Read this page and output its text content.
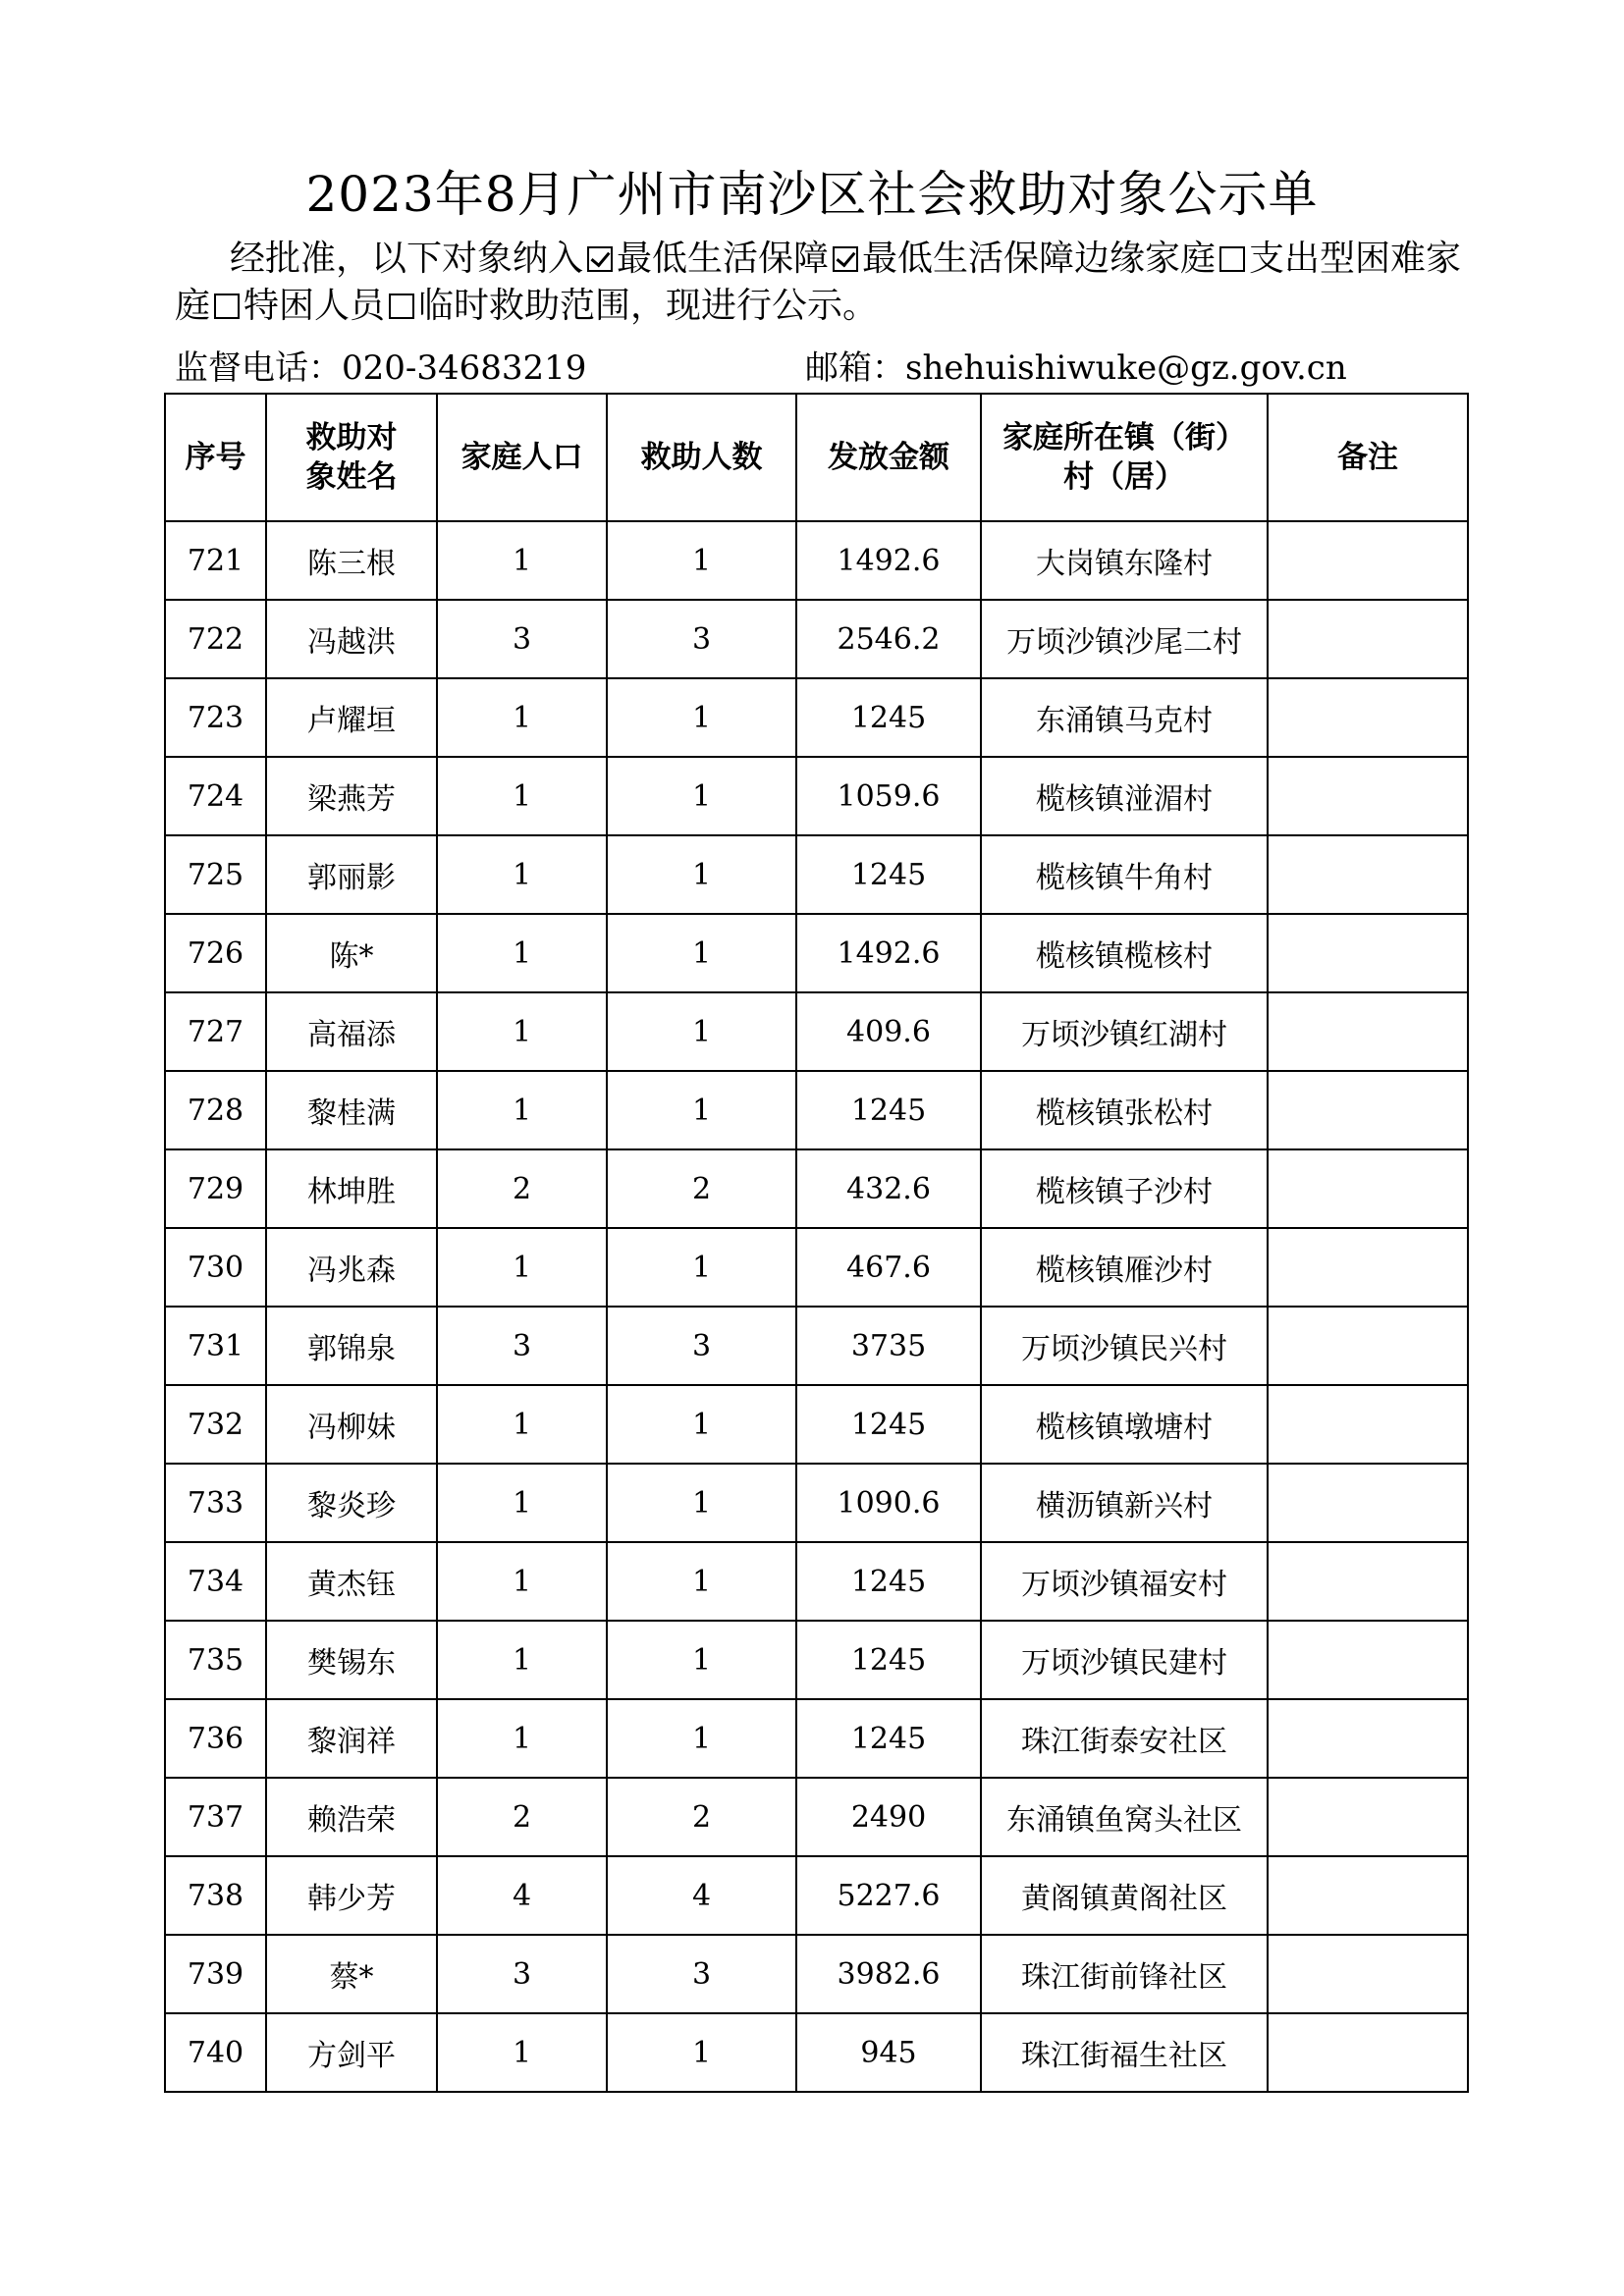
2023年8月广州市南沙区社会救助对象公示单
经批准，以下对象纳入 最低生活保障 最低生活保障边缘家庭 支出型困难家庭 特困人员 临时救助范围，现进行公示。
监督电话：020-34683219	邮箱：shehuishiwuke@gz.gov.cn
序号	救助对象姓名	家庭人口	救助人数	发放金额	家庭所在镇（街）村（居）	备注
721	陈三根	1	1	1492.6	大岗镇东隆村	
722	冯越洪	3	3	2546.2	万顷沙镇沙尾二村	
723	卢耀垣	1	1	1245	东涌镇马克村	
724	梁燕芳	1	1	1059.6	榄核镇湴湄村	
725	郭丽影	1	1	1245	榄核镇牛角村	
726	陈*	1	1	1492.6	榄核镇榄核村	
727	高福添	1	1	409.6	万顷沙镇红湖村	
728	黎桂满	1	1	1245	榄核镇张松村	
729	林坤胜	2	2	432.6	榄核镇子沙村	
730	冯兆森	1	1	467.6	榄核镇雁沙村	
731	郭锦泉	3	3	3735	万顷沙镇民兴村	
732	冯柳妹	1	1	1245	榄核镇墩塘村	
733	黎炎珍	1	1	1090.6	横沥镇新兴村	
734	黄杰钰	1	1	1245	万顷沙镇福安村	
735	樊锡东	1	1	1245	万顷沙镇民建村	
736	黎润祥	1	1	1245	珠江街泰安社区	
737	赖浩荣	2	2	2490	东涌镇鱼窝头社区	
738	韩少芳	4	4	5227.6	黄阁镇黄阁社区	
739	蔡*	3	3	3982.6	珠江街前锋社区	
740	方剑平	1	1	945	珠江街福生社区	
